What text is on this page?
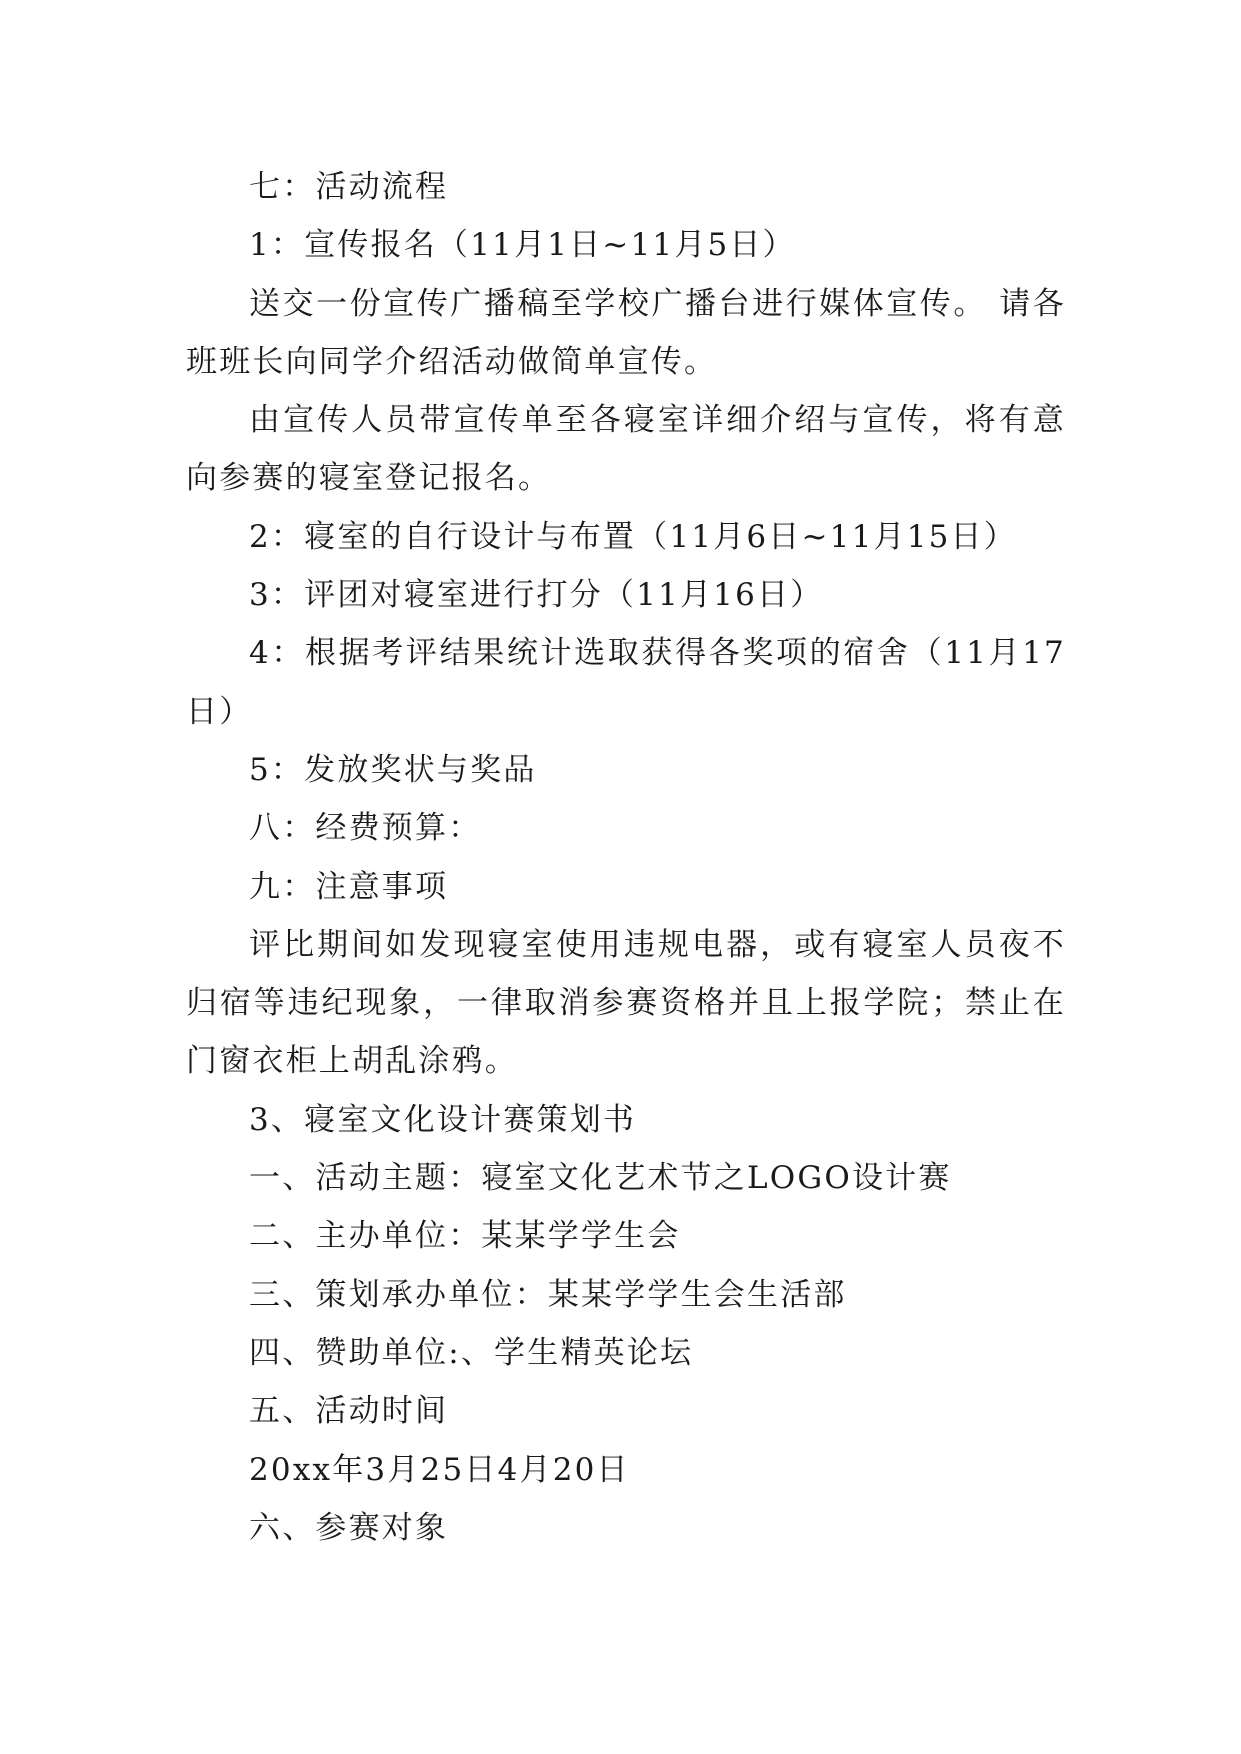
七：活动流程

1：宣传报名（11月1日~11月5日）

送交一份宣传广播稿至学校广播台进行媒体宣传。 请各班班长向同学介绍活动做简单宣传。

由宣传人员带宣传单至各寝室详细介绍与宣传，将有意向参赛的寝室登记报名。

2：寝室的自行设计与布置（11月6日~11月15日）

3：评团对寝室进行打分（11月16日）

4：根据考评结果统计选取获得各奖项的宿舍（11月17日）

5：发放奖状与奖品

八：经费预算：

九：注意事项

评比期间如发现寝室使用违规电器，或有寝室人员夜不归宿等违纪现象，一律取消参赛资格并且上报学院；禁止在门窗衣柜上胡乱涂鸦。

3、寝室文化设计赛策划书

一、活动主题：寝室文化艺术节之LOGO设计赛

二、主办单位：某某学学生会

三、策划承办单位：某某学学生会生活部

四、赞助单位:、学生精英论坛

五、活动时间

20xx年3月25日4月20日

六、参赛对象
